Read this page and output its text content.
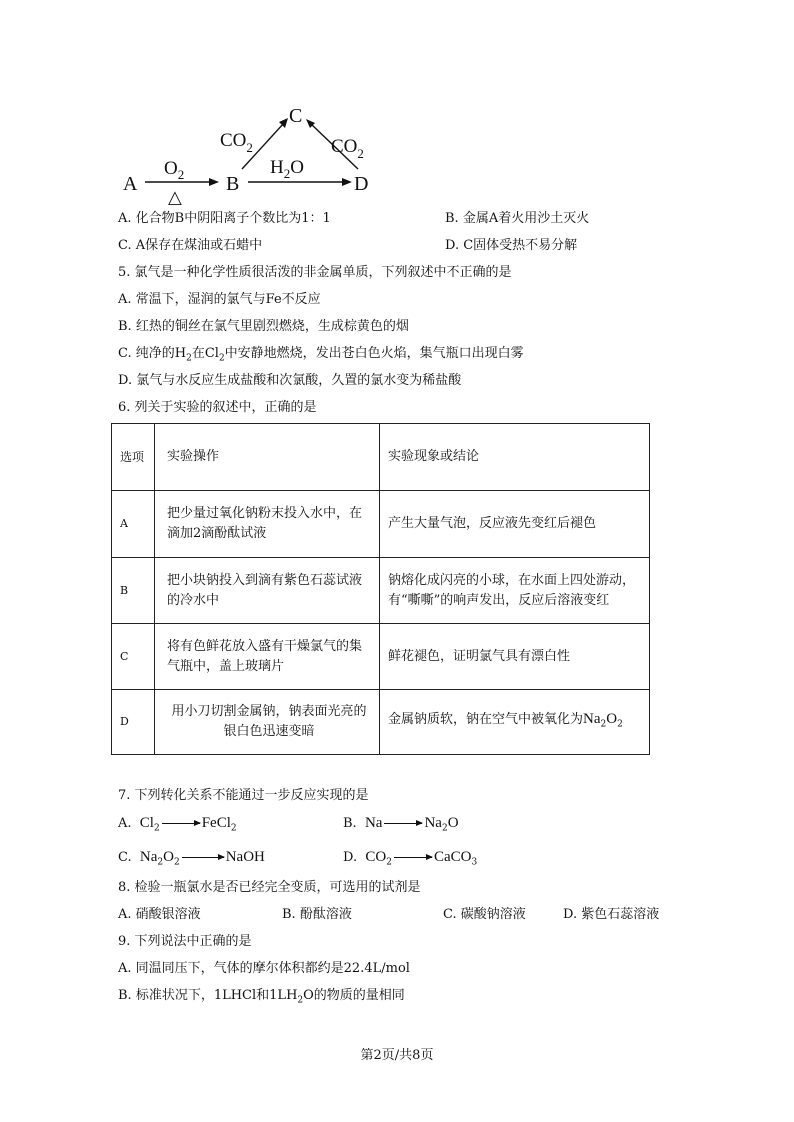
A
$O_2$
△
B
$H_2O$
D
C
$CO_2$	$CO_2$
A. 化合物B中阴阳离子个数比为1：1	B. 金属A着火用沙土灭火
C. A保存在煤油或石蜡中	D. C固体受热不易分解
5. 氯气是一种化学性质很活泼的非金属单质，下列叙述中不正确的是
A. 常温下，湿润的氯气与Fe不反应
B. 红热的铜丝在氯气里剧烈燃烧，生成棕黄色的烟
C. 纯净的$H_2$在$Cl_2$中安静地燃烧，发出苍白色火焰，集气瓶口出现白雾
D. 氯气与水反应生成盐酸和次氯酸，久置的氯水变为稀盐酸
6. 列关于实验的叙述中，正确的是
选项	实验操作	实验现象或结论
A	把少量过氧化钠粉末投入水中，在滴加2滴酚酞试液	产生大量气泡，反应液先变红后褪色
B	把小块钠投入到滴有紫色石蕊试液的冷水中	钠熔化成闪亮的小球，在水面上四处游动，有“嘶嘶”的响声发出，反应后溶液变红
C	将有色鲜花放入盛有干燥氯气的集气瓶中，盖上玻璃片	鲜花褪色，证明氯气具有漂白性
D	用小刀切割金属钠，钠表面光亮的银白色迅速变暗	金属钠质软，钠在空气中被氧化为$Na_2O_2$
7. 下列转化关系不能通过一步反应实现的是
A. $Cl_2$	FeCl$_2$	B. Na	$Na_2O$
C. $Na_2O_2$	NaOH	D. $CO_2$	CaCO$_3$
8. 检验一瓶氯水是否已经完全变质，可选用的试剂是
A. 硝酸银溶液	B. 酚酞溶液	C. 碳酸钠溶液	D. 紫色石蕊溶液
9. 下列说法中正确的是
A. 同温同压下，气体的摩尔体积都约是22.4L/mol
B. 标准状况下，1LHCl和$1LH_2O$的物质的量相同
第2页/共8页
